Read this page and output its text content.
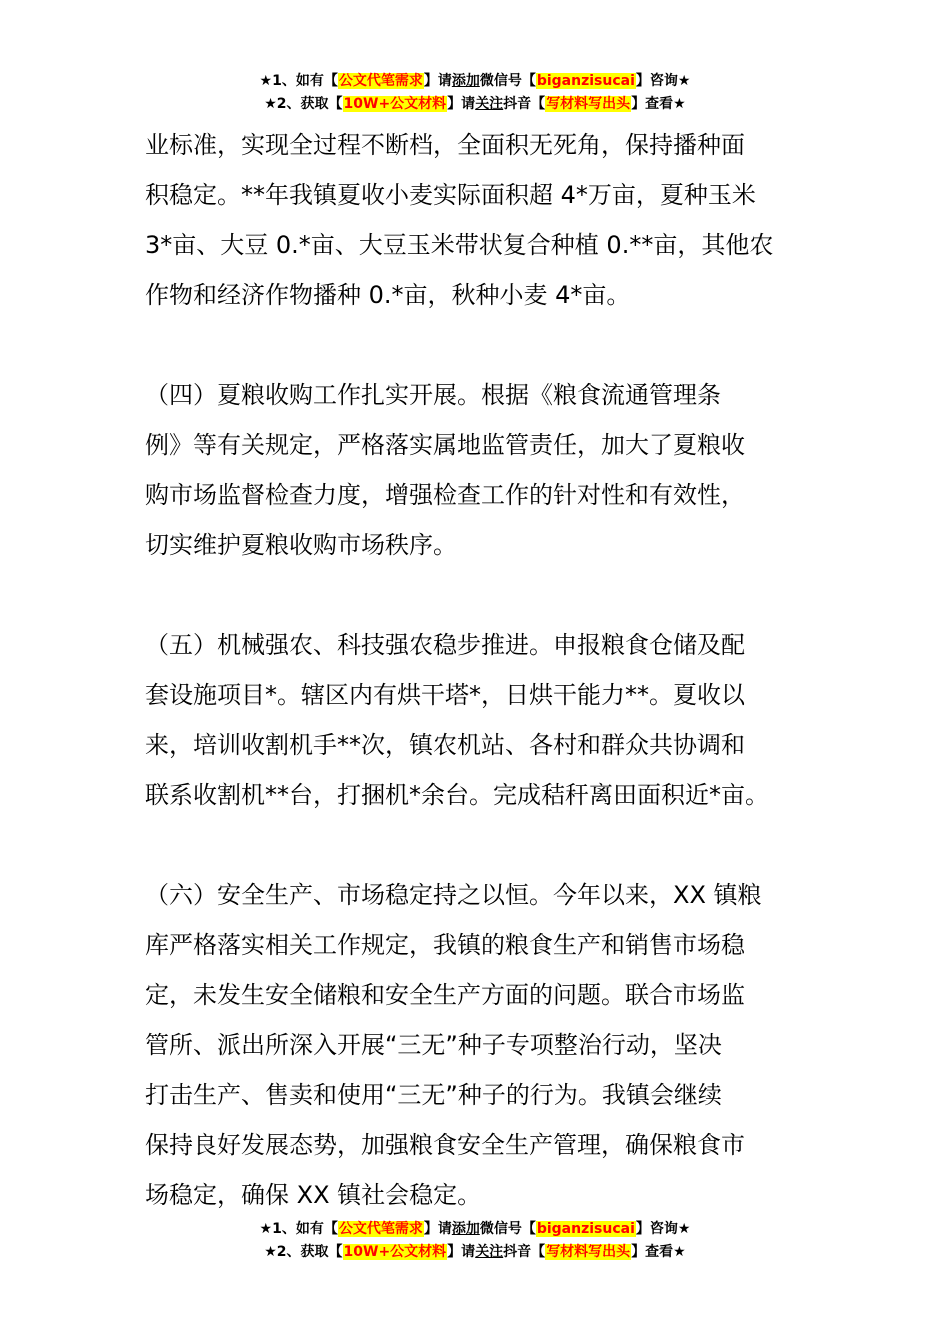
★1、如有【公文代笔需求】请添加微信号【biganzisucai】咨询★
★2、获取【10W+公文材料】请关注抖音【写材料写出头】查看★

业标准，实现全过程不断档，全面积无死角，保持播种面
积稳定。**年我镇夏收小麦实际面积超 4*万亩，夏种玉米
3*亩、大豆 0.*亩、大豆玉米带状复合种植 0.**亩，其他农
作物和经济作物播种 0.*亩，秋种小麦 4*亩。

（四）夏粮收购工作扎实开展。根据《粮食流通管理条
例》等有关规定，严格落实属地监管责任，加大了夏粮收
购市场监督检查力度，增强检查工作的针对性和有效性，
切实维护夏粮收购市场秩序。

（五）机械强农、科技强农稳步推进。申报粮食仓储及配
套设施项目*。辖区内有烘干塔*，日烘干能力**。夏收以
来，培训收割机手**次，镇农机站、各村和群众共协调和
联系收割机**台，打捆机*余台。完成秸秆离田面积近*亩。

（六）安全生产、市场稳定持之以恒。今年以来，XX 镇粮
库严格落实相关工作规定，我镇的粮食生产和销售市场稳
定，未发生安全储粮和安全生产方面的问题。联合市场监
管所、派出所深入开展“三无”种子专项整治行动，坚决
打击生产、售卖和使用“三无”种子的行为。我镇会继续
保持良好发展态势，加强粮食安全生产管理，确保粮食市
场稳定，确保 XX 镇社会稳定。

★1、如有【公文代笔需求】请添加微信号【biganzisucai】咨询★
★2、获取【10W+公文材料】请关注抖音【写材料写出头】查看★
